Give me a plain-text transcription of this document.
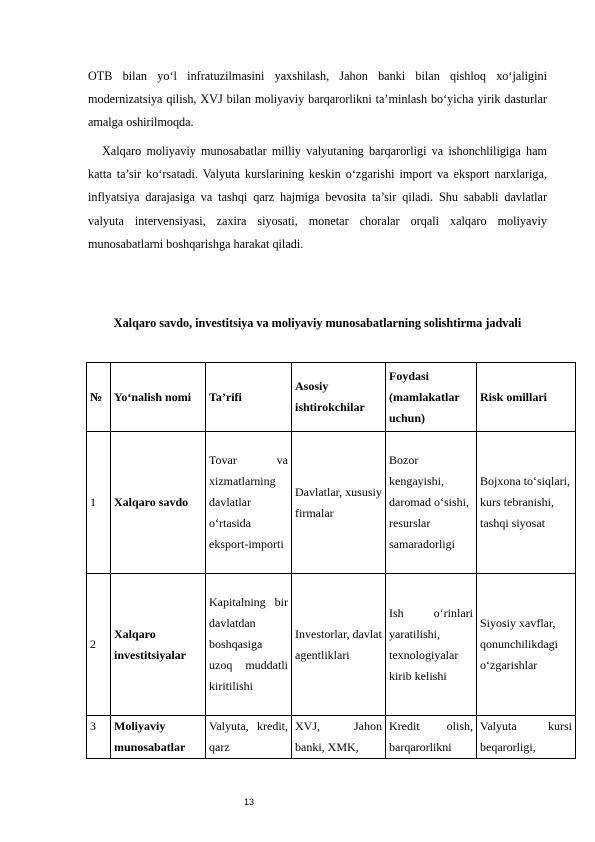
OTB bilan yo‘l infratuzilmasini yaxshilash, Jahon banki bilan qishloq xo‘jaligini modernizatsiya qilish, XVJ bilan moliyaviy barqarorlikni ta’minlash bo‘yicha yirik dasturlar amalga oshirilmoqda.

Xalqaro moliyaviy munosabatlar milliy valyutaning barqarorligi va ishonchliligiga ham katta ta’sir ko‘rsatadi. Valyuta kurslarining keskin o‘zgarishi import va eksport narxlariga, inflyatsiya darajasiga va tashqi qarz hajmiga bevosita ta’sir qiladi. Shu sababli davlatlar valyuta intervensiyasi, zaxira siyosati, monetar choralar orqali xalqaro moliyaviy munosabatlarni boshqarishga harakat qiladi.

Xalqaro savdo, investitsiya va moliyaviy munosabatlarning solishtirma jadvali

№	Yo‘nalish nomi	Ta’rifi	Asosiy ishtirokchilar	Foydasi (mamlakatlar uchun)	Risk omillari
1	Xalqaro savdo	Tovar va xizmatlarning davlatlar o‘rtasida eksport-importi	Davlatlar, xususiy firmalar	Bozor kengayishi, daromad o‘sishi, resurslar samaradorligi	Bojxona to‘siqlari, kurs tebranishi, tashqi siyosat
2	Xalqaro investitsiyalar	Kapitalning bir davlatdan boshqasiga uzoq muddatli kiritilishi	Investorlar, davlat agentliklari	Ish o‘rinlari yaratilishi, texnologiyalar kirib kelishi	Siyosiy xavflar, qonunchilikdagi o‘zgarishlar
3	Moliyaviy munosabatlar	Valyuta, kredit, qarz	XVJ, Jahon banki, XMK,	Kredit olish, barqarorlikni	Valyuta kursi beqarorligi,
13
